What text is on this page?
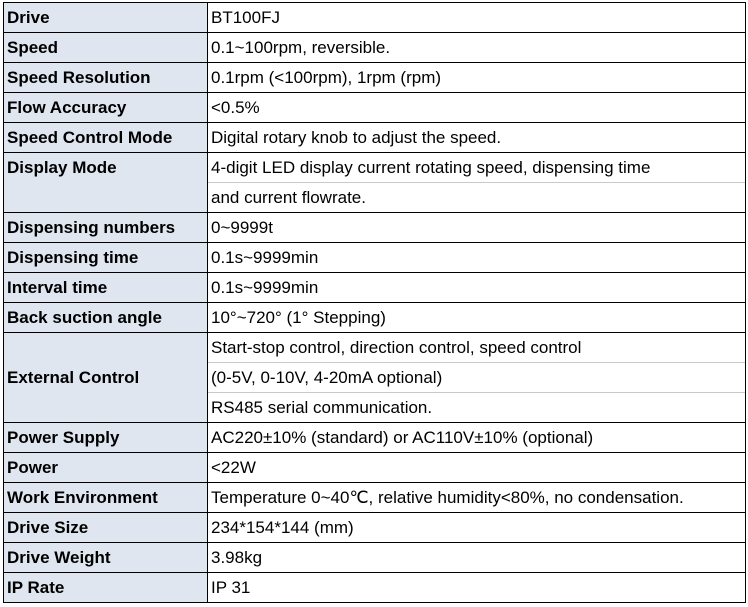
Drive	BT100FJ
Speed	0.1~100rpm, reversible.
Speed Resolution	0.1rpm (<100rpm), 1rpm (rpm)
Flow Accuracy	<0.5%
Speed Control Mode	Digital rotary knob to adjust the speed.
Display Mode	4-digit LED display current rotating speed, dispensing time
and current flowrate.

Dispensing numbers	0~9999t
Dispensing time	0.1s~9999min
Interval time	0.1s~9999min
Back suction angle	10°~720° (1° Stepping)
External Control	Start-stop control, direction control, speed control
(0-5V, 0-10V, 4-20mA optional)
RS485 serial communication.

Power Supply	AC220±10% (standard) or AC110V±10% (optional)
Power	<22W
Work Environment	Temperature 0~40℃, relative humidity<80%, no condensation.
Drive Size	234*154*144 (mm)
Drive Weight	3.98kg
IP Rate	IP 31
